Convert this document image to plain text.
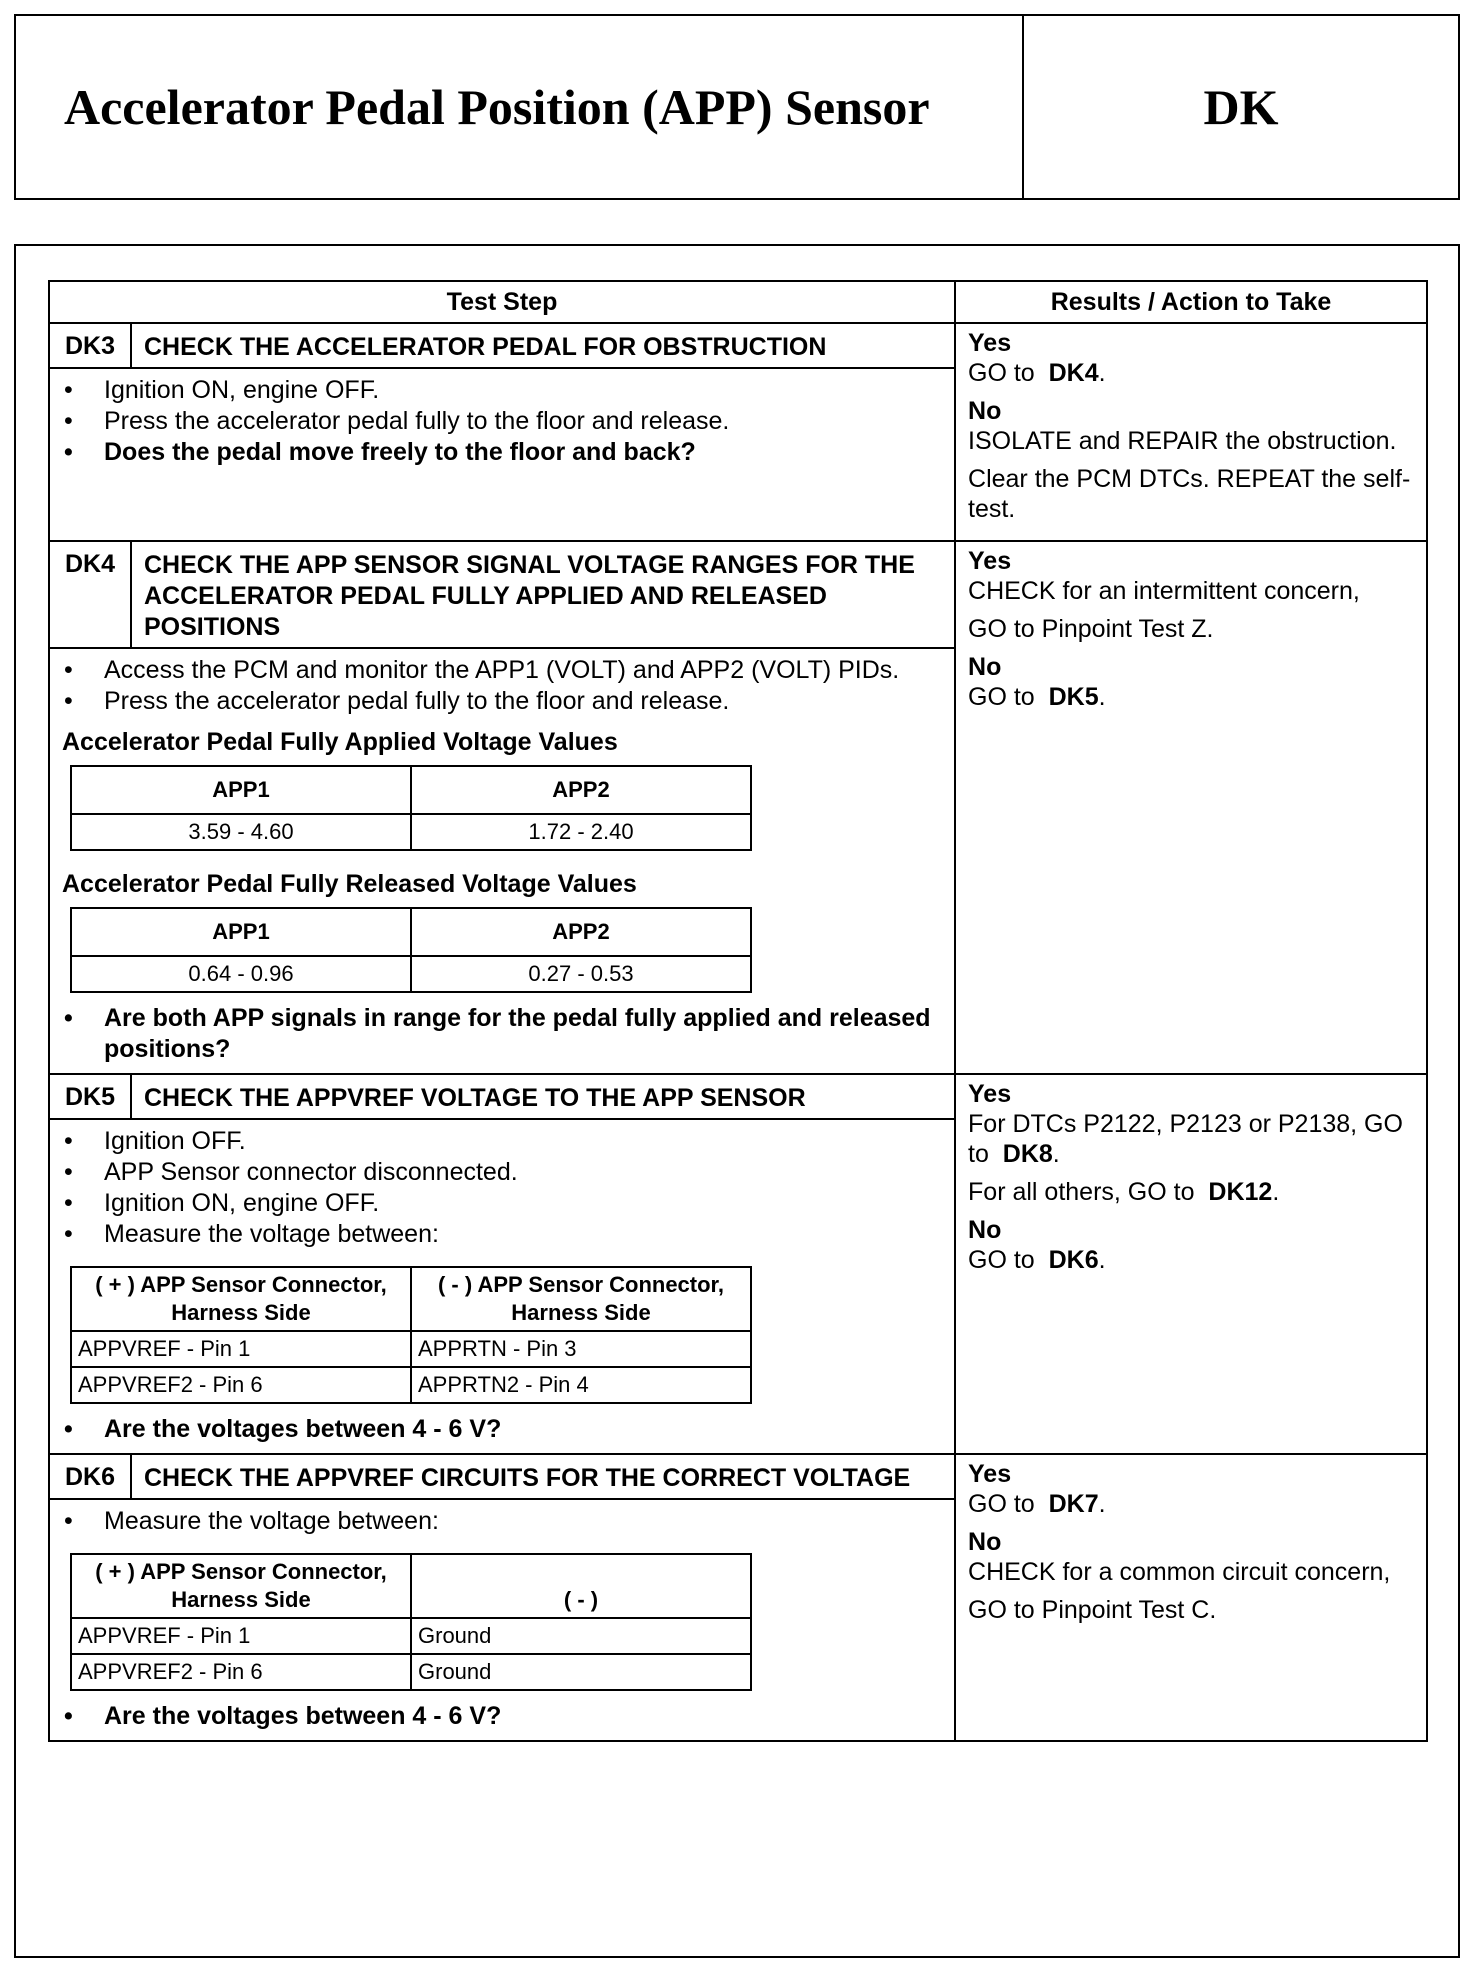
Accelerator Pedal Position (APP) Sensor	DK
Test Step	Results / Action to Take
DK3	CHECK THE ACCELERATOR PEDAL FOR OBSTRUCTION	Yes
GO to DK4.
No
ISOLATE and REPAIR the obstruction.
Clear the PCM DTCs. REPEAT the self-test.

• Ignition ON, engine OFF.
• Press the accelerator pedal fully to the floor and release.
• Does the pedal move freely to the floor and back?

DK4	CHECK THE APP SENSOR SIGNAL VOLTAGE RANGES FOR THE ACCELERATOR PEDAL FULLY APPLIED AND RELEASED POSITIONS	
Yes
CHECK for an intermittent concern,
GO to Pinpoint Test Z.
No
GO to DK5.

• Access the PCM and monitor the APP1 (VOLT) and APP2 (VOLT) PIDs.
• Press the accelerator pedal fully to the floor and release.
Accelerator Pedal Fully Applied Voltage Values
APP1	APP2
3.59 - 4.60	1.72 - 2.40
Accelerator Pedal Fully Released Voltage Values
APP1	APP2
0.64 - 0.96	0.27 - 0.53
• Are both APP signals in range for the pedal fully applied and released positions?

DK5	CHECK THE APPVREF VOLTAGE TO THE APP SENSOR	Yes
For DTCs P2122, P2123 or P2138, GO to DK8.
For all others, GO to DK12.
No
GO to DK6.

• Ignition OFF.
• APP Sensor connector disconnected.
• Ignition ON, engine OFF.
• Measure the voltage between:
( + ) APP Sensor Connector, Harness Side	( - ) APP Sensor Connector, Harness Side
APPVREF - Pin 1	APPRTN - Pin 3
APPVREF2 - Pin 6	APPRTN2 - Pin 4
• Are the voltages between 4 - 6 V?

DK6	CHECK THE APPVREF CIRCUITS FOR THE CORRECT VOLTAGE	Yes
GO to DK7.
No
CHECK for a common circuit concern,
GO to Pinpoint Test C.

• Measure the voltage between:
( + ) APP Sensor Connector, Harness Side	( - )
APPVREF - Pin 1	Ground
APPVREF2 - Pin 6	Ground
• Are the voltages between 4 - 6 V?
